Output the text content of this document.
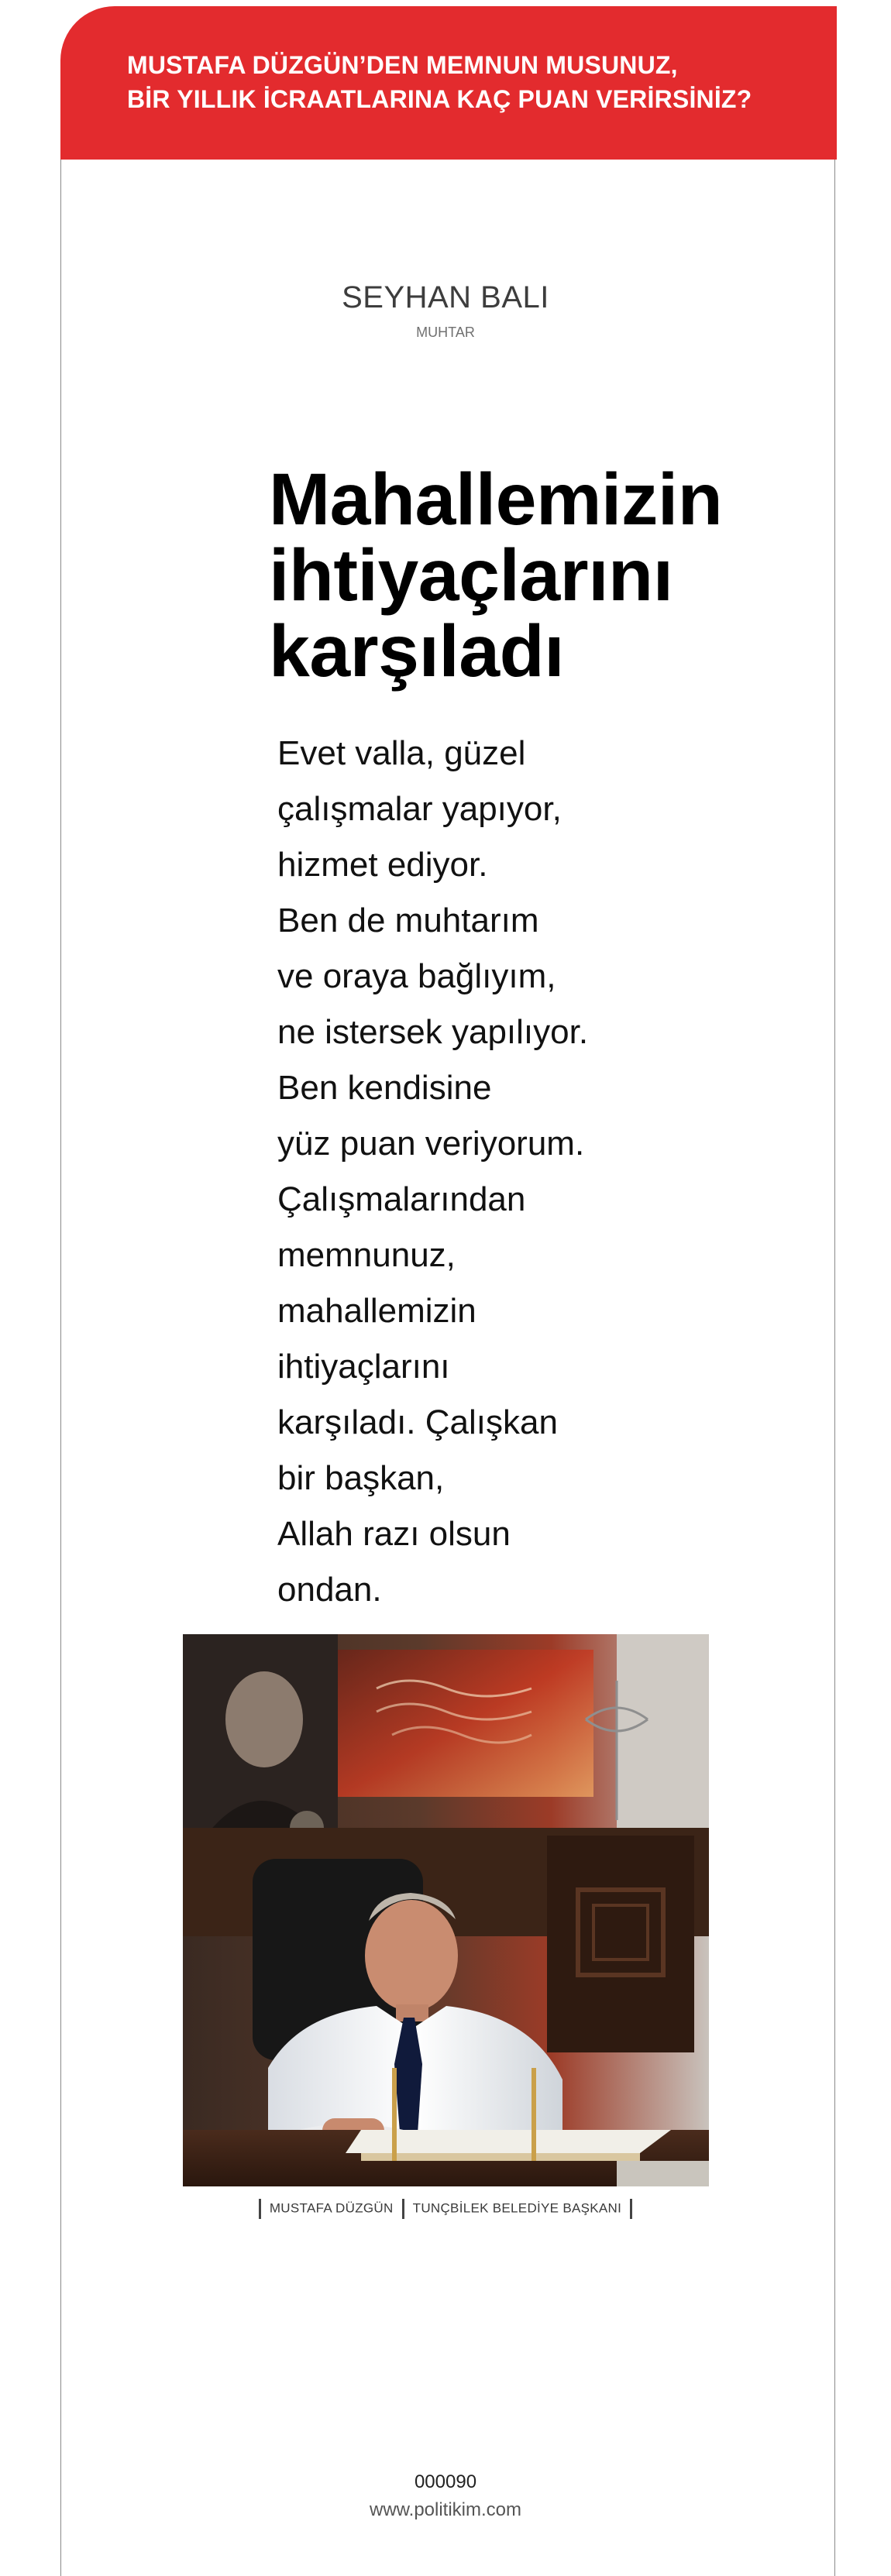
MUSTAFA DÜZGÜN’DEN MEMNUN MUSUNUZ,
BİR YILLIK İCRAATLARINA KAÇ PUAN VERİRSİNİZ?
SEYHAN BALI
MUHTAR
Mahallemizin
ihtiyaçlarını
karşıladı
Evet valla, güzel
çalışmalar yapıyor,
hizmet ediyor.
Ben de muhtarım
ve oraya bağlıyım,
ne istersek yapılıyor.
Ben kendisine
yüz puan veriyorum.
Çalışmalarından
memnunuz,
mahallemizin
ihtiyaçlarını
karşıladı. Çalışkan
bir başkan,
Allah razı olsun
ondan.
MUSTAFA DÜZGÜN TUNÇBİLEK BELEDİYE BAŞKANI
000090
www.politikim.com
